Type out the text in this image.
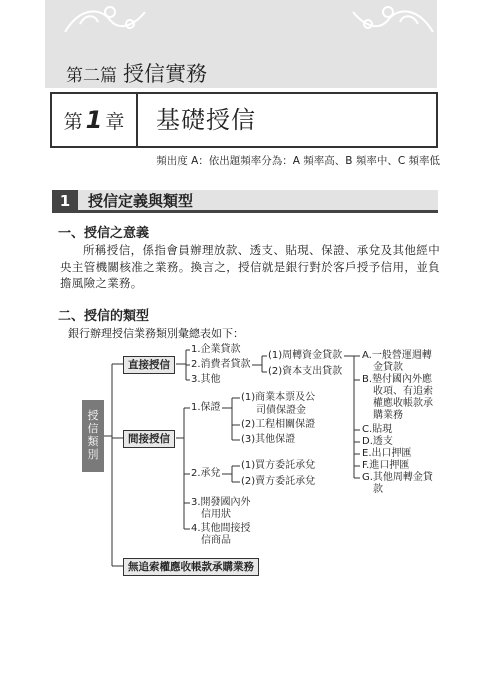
第二篇 授信實務
第 1 章	基礎授信
頻出度 A：依出題頻率分為：A 頻率高、B 頻率中、C 頻率低
1	授信定義與類型
一、授信之意義
所稱授信，係指會員辦理放款、透支、貼現、保證、承兌及其他經中央主管機關核准之業務。換言之，授信就是銀行對於客戶授予信用，並負擔風險之業務。
二、授信的類型
銀行辦理授信業務類別彙總表如下：
授
信
類
別
直接授信
間接授信
無追索權應收帳款承購業務
1.企業貸款
2.消費者貸款
3.其他
(1)周轉資金貸款
(2)資本支出貸款
A.一般營運週轉
金貸款
B.墊付國內外應
收項、有追索
權應收帳款承
購業務
C.貼現
D.透支
E.出口押匯
F.進口押匯
G.其他周轉金貸
款
1.保證
(1)商業本票及公
司債保證金
(2)工程相關保證
(3)其他保證
2.承兌
(1)買方委託承兌
(2)賣方委託承兌
3.開發國內外
信用狀
4.其他間接授
信商品
